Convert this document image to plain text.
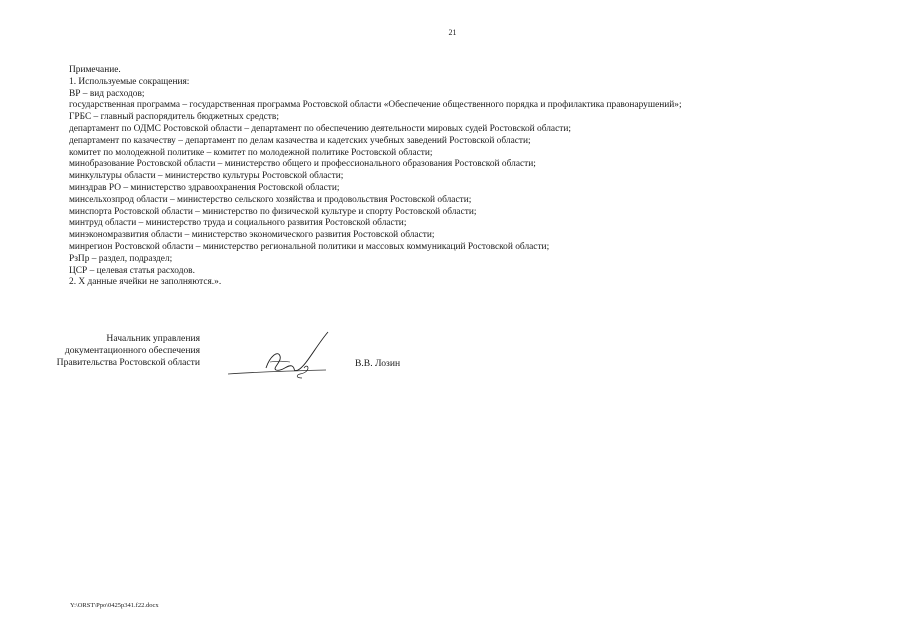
21
Примечание.
1. Используемые сокращения:
ВР – вид расходов;
государственная программа – государственная программа Ростовской области «Обеспечение общественного порядка и профилактика правонарушений»;
ГРБС – главный распорядитель бюджетных средств;
департамент по ОДМС Ростовской области – департамент по обеспечению деятельности мировых судей Ростовской области;
департамент по казачеству – департамент по делам казачества и кадетских учебных заведений Ростовской области;
комитет по молодежной политике – комитет по молодежной политике Ростовской области;
минобразование Ростовской области – министерство общего и профессионального образования Ростовской области;
минкультуры области – министерство культуры Ростовской области;
минздрав РО – министерство здравоохранения Ростовской области;
минсельхозпрод области – министерство сельского хозяйства и продовольствия Ростовской области;
минспорта Ростовской области – министерство по физической культуре и спорту Ростовской области;
минтруд области – министерство труда и социального развития Ростовской области;
минэкономразвития области – министерство экономического развития Ростовской области;
минрегион Ростовской области – министерство региональной политики и массовых коммуникаций Ростовской области;
РзПр – раздел, подраздел;
ЦСР – целевая статья расходов.
2. Х данные ячейки не заполняются.».
Начальник управления
документационного обеспечения
Правительства Ростовской области	В.В. Лозин
Y:\ORST\Ppo\0425p341.f22.docx
